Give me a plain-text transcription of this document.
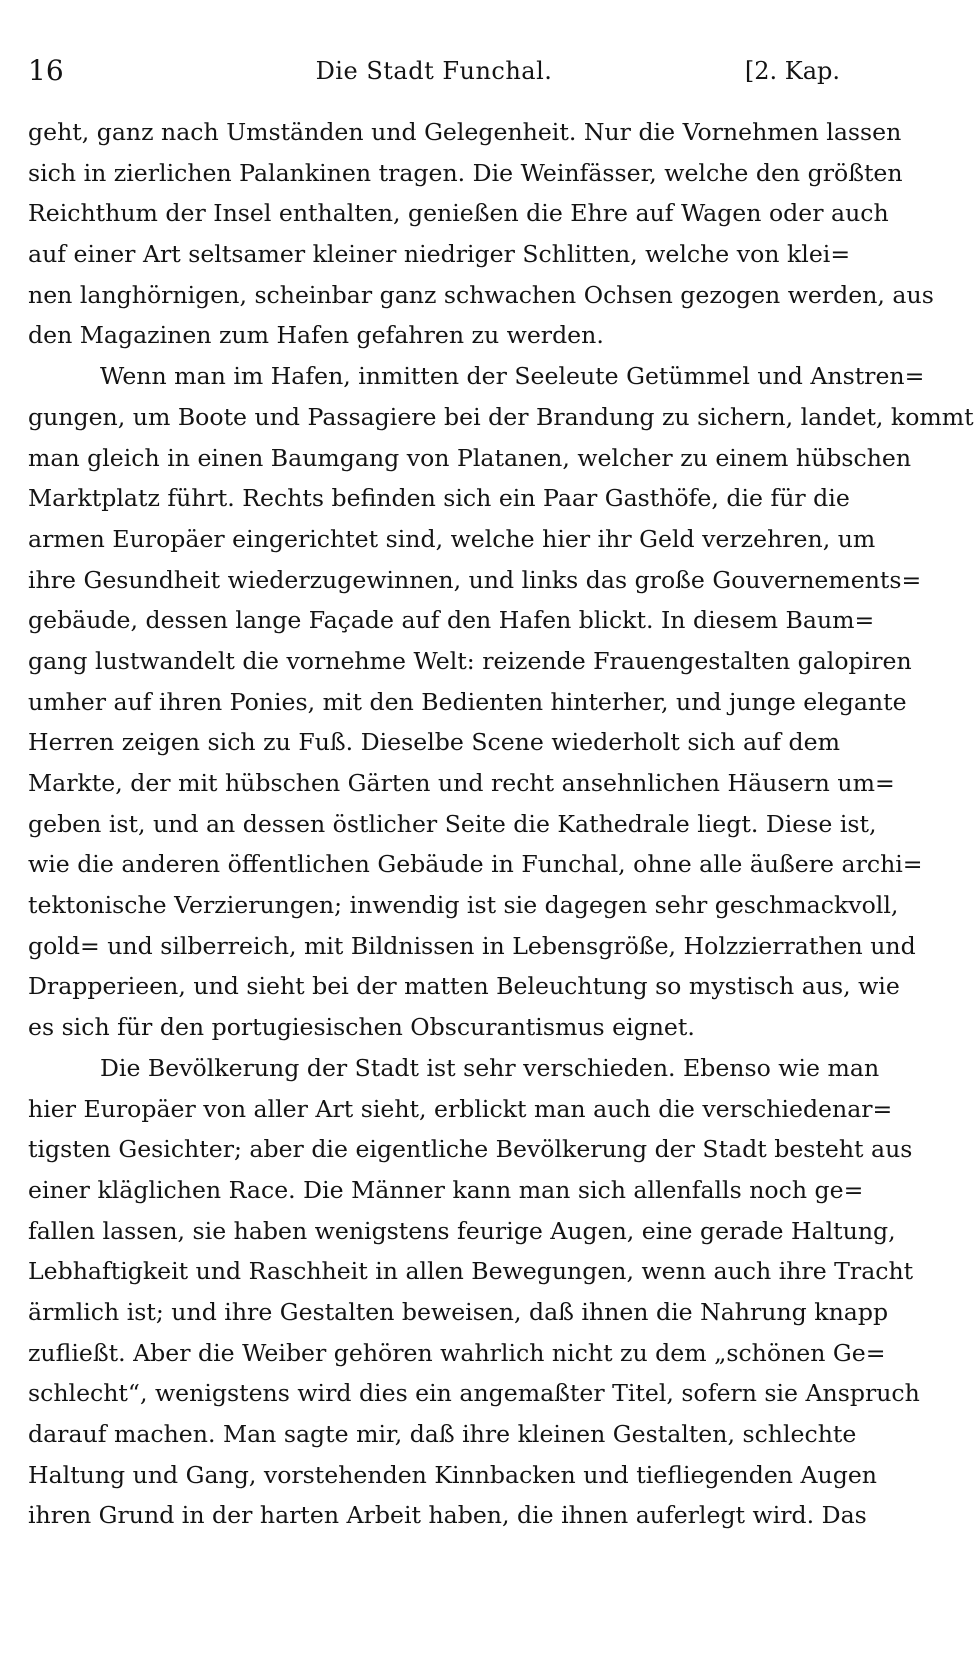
16	Die Stadt Funchal.	[2. Kap.
geht, ganz nach Umständen und Gelegenheit. Nur die Vornehmen lassen
sich in zierlichen Palankinen tragen. Die Weinfässer, welche den größten
Reichthum der Insel enthalten, genießen die Ehre auf Wagen oder auch
auf einer Art seltsamer kleiner niedriger Schlitten, welche von klei=
nen langhörnigen, scheinbar ganz schwachen Ochsen gezogen werden, aus
den Magazinen zum Hafen gefahren zu werden.
Wenn man im Hafen, inmitten der Seeleute Getümmel und Anstren=
gungen, um Boote und Passagiere bei der Brandung zu sichern, landet, kommt
man gleich in einen Baumgang von Platanen, welcher zu einem hübschen
Marktplatz führt. Rechts befinden sich ein Paar Gasthöfe, die für die
armen Europäer eingerichtet sind, welche hier ihr Geld verzehren, um
ihre Gesundheit wiederzugewinnen, und links das große Gouvernements=
gebäude, dessen lange Façade auf den Hafen blickt. In diesem Baum=
gang lustwandelt die vornehme Welt: reizende Frauengestalten galopiren
umher auf ihren Ponies, mit den Bedienten hinterher, und junge elegante
Herren zeigen sich zu Fuß. Dieselbe Scene wiederholt sich auf dem
Markte, der mit hübschen Gärten und recht ansehnlichen Häusern um=
geben ist, und an dessen östlicher Seite die Kathedrale liegt. Diese ist,
wie die anderen öffentlichen Gebäude in Funchal, ohne alle äußere archi=
tektonische Verzierungen; inwendig ist sie dagegen sehr geschmackvoll,
gold= und silberreich, mit Bildnissen in Lebensgröße, Holzzierrathen und
Drapperieen, und sieht bei der matten Beleuchtung so mystisch aus, wie
es sich für den portugiesischen Obscurantismus eignet.
Die Bevölkerung der Stadt ist sehr verschieden. Ebenso wie man
hier Europäer von aller Art sieht, erblickt man auch die verschiedenar=
tigsten Gesichter; aber die eigentliche Bevölkerung der Stadt besteht aus
einer kläglichen Race. Die Männer kann man sich allenfalls noch ge=
fallen lassen, sie haben wenigstens feurige Augen, eine gerade Haltung,
Lebhaftigkeit und Raschheit in allen Bewegungen, wenn auch ihre Tracht
ärmlich ist; und ihre Gestalten beweisen, daß ihnen die Nahrung knapp
zufließt. Aber die Weiber gehören wahrlich nicht zu dem „schönen Ge=
schlecht“, wenigstens wird dies ein angemaßter Titel, sofern sie Anspruch
darauf machen. Man sagte mir, daß ihre kleinen Gestalten, schlechte
Haltung und Gang, vorstehenden Kinnbacken und tiefliegenden Augen
ihren Grund in der harten Arbeit haben, die ihnen auferlegt wird. Das
